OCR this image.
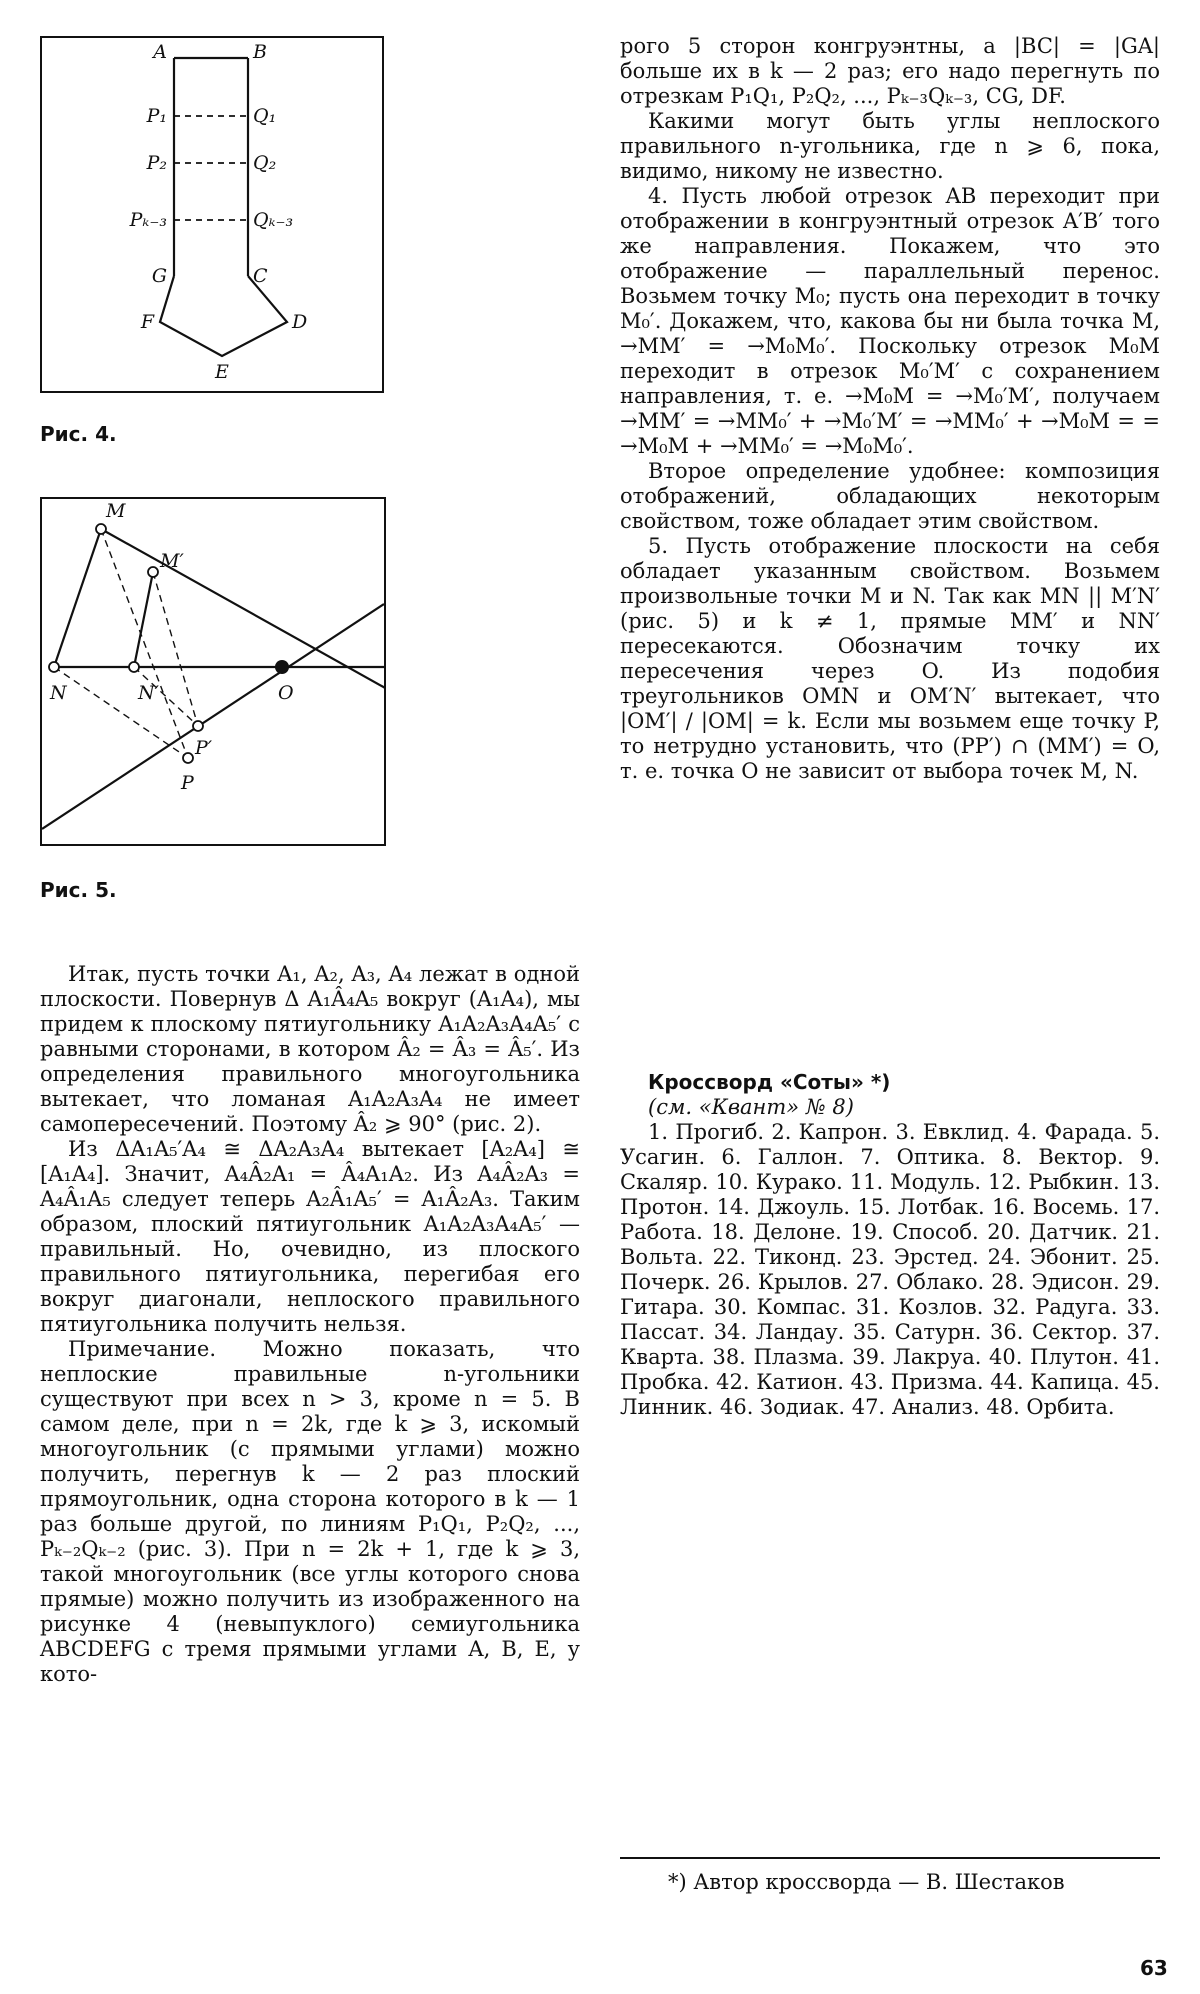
A	B
P₁	Q₁
P₂	Q₂
Pₖ₋₃	Qₖ₋₃
G	C
F	D
E
Рис. 4.
M
M′
N	N′	O
P′
P
Рис. 5.

Итак, пусть точки A₁, A₂, A₃, A₄ лежат в одной плоскости. Повернув Δ A₁Â₄A₅ вокруг (A₁A₄), мы придем к плоскому пятиугольнику A₁A₂A₃A₄A₅′ с равными сторонами, в котором Â₂ = Â₃ = Â₅′. Из определения правильного многоугольника вытекает, что ломаная A₁A₂A₃A₄ не имеет самопересечений. Поэтому Â₂ ⩾ 90° (рис. 2).

Из ΔA₁A₅′A₄ ≅ ΔA₂A₃A₄ вытекает [A₂A₄] ≅ [A₁A₄]. Значит, A₄Â₂A₁ = Â₄A₁A₂. Из A₄Â₂A₃ = A₄Â₁A₅ следует теперь A₂Â₁A₅′ = A₁Â₂A₃. Таким образом, плоский пятиугольник A₁A₂A₃A₄A₅′ — правильный. Но, очевидно, из плоского правильного пятиугольника, перегибая его вокруг диагонали, неплоского правильного пятиугольника получить нельзя.

Примечание. Можно показать, что неплоские правильные n-угольники существуют при всех n > 3, кроме n = 5. В самом деле, при n = 2k, где k ⩾ 3, искомый многоугольник (с прямыми углами) можно получить, перегнув k — 2 раз плоский прямоугольник, одна сторона которого в k — 1 раз больше другой, по линиям P₁Q₁, P₂Q₂, ..., Pₖ₋₂Qₖ₋₂ (рис. 3). При n = 2k + 1, где k ⩾ 3, такой многоугольник (все углы которого снова прямые) можно получить из изображенного на рисунке 4 (невыпуклого) семиугольника ABCDEFG с тремя прямыми углами A, B, E, у кото-

рого 5 сторон конгруэнтны, а |BC| = |GA| больше их в k — 2 раз; его надо перегнуть по отрезкам P₁Q₁, P₂Q₂, ..., Pₖ₋₃Qₖ₋₃, CG, DF.

Какими могут быть углы неплоского правильного n-угольника, где n ⩾ 6, пока, видимо, никому не известно.

4. Пусть любой отрезок AB переходит при отображении в конгруэнтный отрезок A′B′ того же направления. Покажем, что это отображение — параллельный перенос. Возьмем точку M₀; пусть она переходит в точку M₀′. Докажем, что, какова бы ни была точка M, →MM′ = →M₀M₀′. Поскольку отрезок M₀M переходит в отрезок M₀′M′ с сохранением направления, т. е. →M₀M = →M₀′M′, получаем →MM′ = →MM₀′ + →M₀′M′ = →MM₀′ + →M₀M = = →M₀M + →MM₀′ = →M₀M₀′.

Второе определение удобнее: композиция отображений, обладающих некоторым свойством, тоже обладает этим свойством.

5. Пусть отображение плоскости на себя обладает указанным свойством. Возьмем произвольные точки M и N. Так как MN || M′N′ (рис. 5) и k ≠ 1, прямые MM′ и NN′ пересекаются. Обозначим точку их пересечения через O. Из подобия треугольников OMN и OM′N′ вытекает, что |OM′| / |OM| = k. Если мы возьмем еще точку P, то нетрудно установить, что (PP′) ∩ (MM′) = O, т. е. точка O не зависит от выбора точек M, N.

Кроссворд «Соты» *)

(см. «Квант» № 8)

1. Прогиб. 2. Капрон. 3. Евклид. 4. Фарада. 5. Усагин. 6. Галлон. 7. Оптика. 8. Вектор. 9. Скаляр. 10. Курако. 11. Модуль. 12. Рыбкин. 13. Протон. 14. Джоуль. 15. Лотбак. 16. Восемь. 17. Работа. 18. Делоне. 19. Способ. 20. Датчик. 21. Вольта. 22. Тиконд. 23. Эрстед. 24. Эбонит. 25. Почерк. 26. Крылов. 27. Облако. 28. Эдисон. 29. Гитара. 30. Компас. 31. Козлов. 32. Радуга. 33. Пассат. 34. Ландау. 35. Сатурн. 36. Сектор. 37. Кварта. 38. Плазма. 39. Лакруа. 40. Плутон. 41. Пробка. 42. Катион. 43. Призма. 44. Капица. 45. Линник. 46. Зодиак. 47. Анализ. 48. Орбита.

*) Автор кроссворда — В. Шестаков
63
